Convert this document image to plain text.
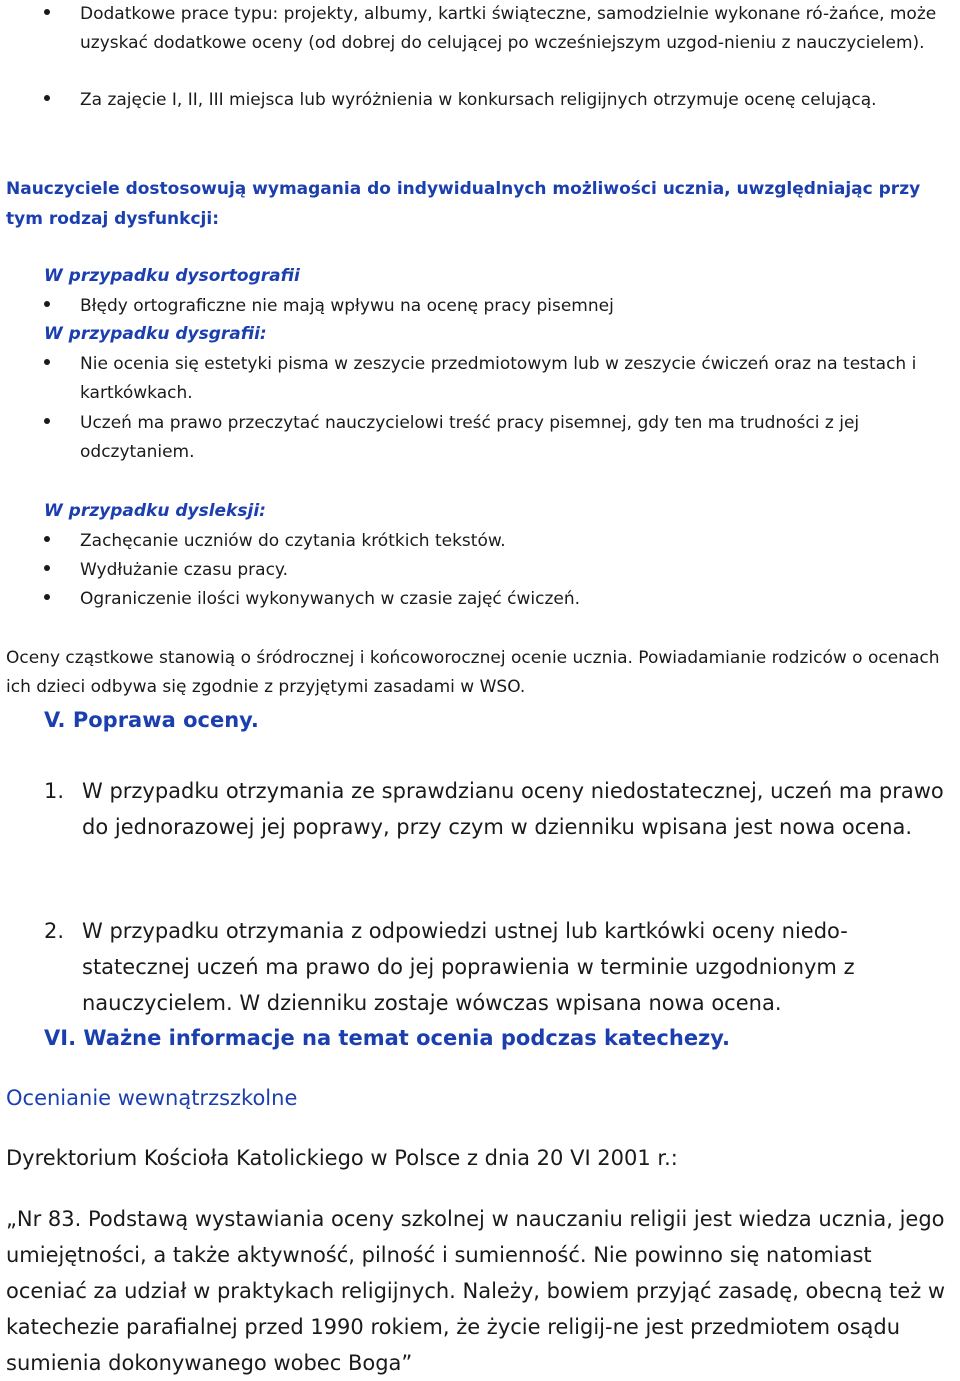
Dodatkowe prace typu: projekty, albumy, kartki świąteczne, samodzielnie wykonane ró-żańce, może uzyskać dodatkowe oceny (od dobrej do celującej po wcześniejszym uzgod-nieniu z nauczycielem).
Za zajęcie I, II, III miejsca lub wyróżnienia w konkursach religijnych otrzymuje ocenę celującą.
Nauczyciele dostosowują wymagania do indywidualnych możliwości ucznia, uwzględniając przy tym rodzaj dysfunkcji:
W przypadku dysortografii
Błędy ortograficzne nie mają wpływu na ocenę pracy pisemnej
W przypadku dysgrafii:
Nie ocenia się estetyki pisma w zeszycie przedmiotowym lub w zeszycie ćwiczeń oraz na testach i kartkówkach.
Uczeń ma prawo przeczytać nauczycielowi treść pracy pisemnej, gdy ten ma trudności z jej odczytaniem.
W przypadku dysleksji:
Zachęcanie uczniów do czytania krótkich tekstów.
Wydłużanie czasu pracy.
Ograniczenie ilości wykonywanych w czasie zajęć ćwiczeń.
Oceny cząstkowe stanowią o śródrocznej i końcoworocznej ocenie ucznia. Powiadamianie rodziców o ocenach ich dzieci odbywa się zgodnie z przyjętymi zasadami w WSO.
V. Poprawa oceny.
1. W przypadku otrzymania ze sprawdzianu oceny niedostatecznej, uczeń ma prawo do jednorazowej jej poprawy, przy czym w dzienniku wpisana jest nowa ocena.
2. W przypadku otrzymania z odpowiedzi ustnej lub kartkówki oceny niedo-statecznej uczeń ma prawo do jej poprawienia w terminie uzgodnionym z nauczycielem. W dzienniku zostaje wówczas wpisana nowa ocena.
VI. Ważne informacje na temat ocenia podczas katechezy.
Ocenianie wewnątrzszkolne
Dyrektorium Kościoła Katolickiego w Polsce z dnia 20 VI 2001 r.:
„Nr 83. Podstawą wystawiania oceny szkolnej w nauczaniu religii jest wiedza ucznia, jego umiejętności, a także aktywność, pilność i sumienność. Nie powinno się natomiast oceniać za udział w praktykach religijnych. Należy, bowiem przyjąć zasadę, obecną też w katechezie parafialnej przed 1990 rokiem, że życie religij-ne jest przedmiotem osądu sumienia dokonywanego wobec Boga”
